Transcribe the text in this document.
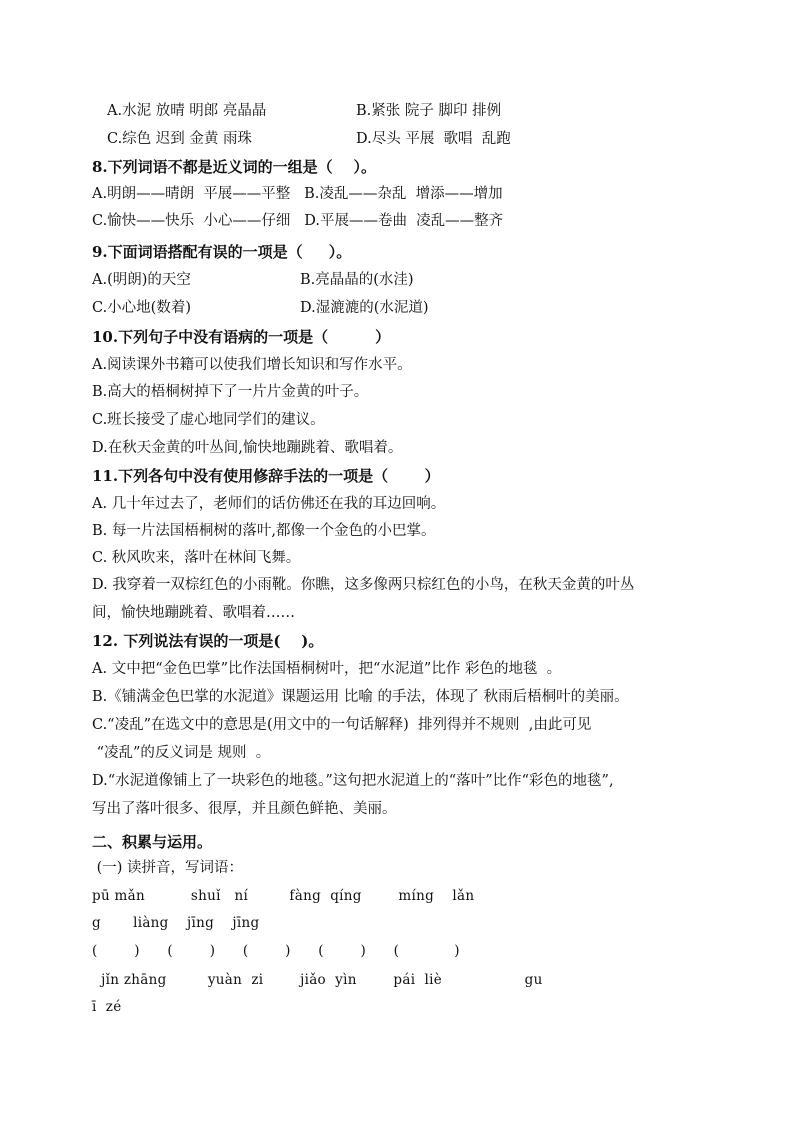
A.水泥 放晴 明郎 亮晶晶	B.紧张 院子 脚印 排例
C.综色 迟到 金黄 雨珠	D.尽头 平展  歌唱  乱跑
8.下列词语不都是近义词的一组是（    ）。
A.明朗——晴朗  平展——平整   B.凌乱——杂乱  增添——增加
C.愉快——快乐  小心——仔细   D.平展——卷曲  凌乱——整齐
9.下面词语搭配有误的一项是（     ）。
A.(明朗)的天空	B.亮晶晶的(水洼)
C.小心地(数着)	D.湿漉漉的(水泥道)
10.下列句子中没有语病的一项是（         ）
A.阅读课外书籍可以使我们增长知识和写作水平。
B.高大的梧桐树掉下了一片片金黄的叶子。
C.班长接受了虚心地同学们的建议。
D.在秋天金黄的叶丛间,愉快地蹦跳着、歌唱着。
11.下列各句中没有使用修辞手法的一项是（       ）
A. 几十年过去了，老师们的话仿佛还在我的耳边回响。
B. 每一片法国梧桐树的落叶,都像一个金色的小巴掌。
C. 秋风吹来，落叶在林间飞舞。
D. 我穿着一双棕红色的小雨靴。你瞧，这多像两只棕红色的小鸟，在秋天金黄的叶丛
间，愉快地蹦跳着、歌唱着……
12. 下列说法有误的一项是(    )。
A. 文中把“金色巴掌”比作法国梧桐树叶，把“水泥道”比作 彩色的地毯  。
B.《铺满金色巴掌的水泥道》课题运用 比喻 的手法，体现了 秋雨后梧桐叶的美丽。
C.“凌乱”在选文中的意思是(用文中的一句话解释)  排列得并不规则  ,由此可见
“凌乱”的反义词是 规则  。
D.“水泥道像铺上了一块彩色的地毯。”这句把水泥道上的“落叶”比作“彩色的地毯”,
写出了落叶很多、很厚，并且颜色鲜艳、美丽。
二、积累与运用。
(一) 读拼音，写词语：
pū mǎn          shuǐ   ní         fàng  qíng        míng    lǎn
g       liàng    jīng    jīng
(        )      (        )      (        )      (        )      (            )
jǐn zhāng         yuàn  zi        jiǎo  yìn        pái  liè                  gu
ī  zé
